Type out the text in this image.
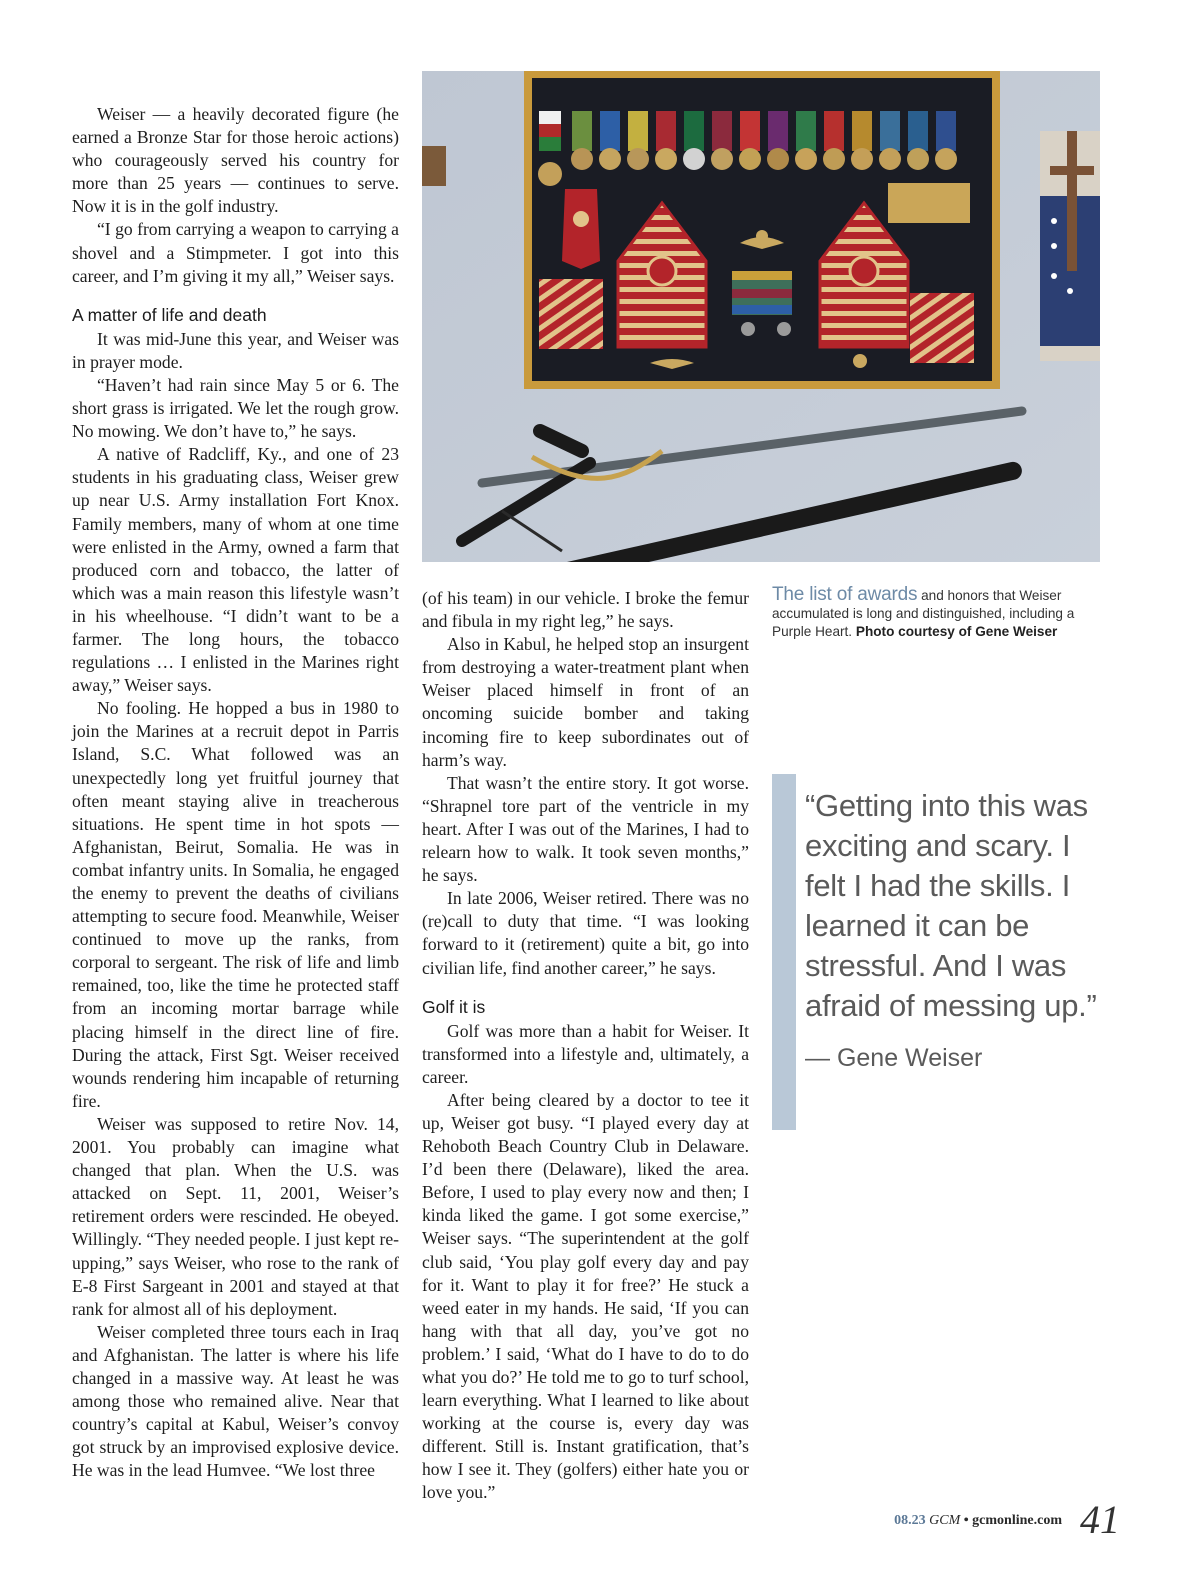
Weiser — a heavily decorated figure (he earned a Bronze Star for those heroic actions) who courageously served his country for more than 25 years — continues to serve. Now it is in the golf industry.

“I go from carrying a weapon to carrying a shovel and a Stimpmeter. I got into this career, and I’m giving it my all,” Weiser says.

A matter of life and death

It was mid-June this year, and Weiser was in prayer mode.

“Haven’t had rain since May 5 or 6. The short grass is irrigated. We let the rough grow. No mowing. We don’t have to,” he says.

A native of Radcliff, Ky., and one of 23 students in his graduating class, Weiser grew up near U.S. Army installation Fort Knox. Family members, many of whom at one time were enlisted in the Army, owned a farm that produced corn and tobacco, the latter of which was a main reason this lifestyle wasn’t in his wheelhouse. “I didn’t want to be a farmer. The long hours, the tobacco regulations … I enlisted in the Marines right away,” Weiser says.

No fooling. He hopped a bus in 1980 to join the Marines at a recruit depot in Parris Island, S.C. What followed was an unexpectedly long yet fruitful journey that often meant staying alive in treacherous situations. He spent time in hot spots — Afghanistan, Beirut, Somalia. He was in combat infantry units. In Somalia, he engaged the enemy to prevent the deaths of civilians attempting to secure food. Meanwhile, Weiser continued to move up the ranks, from corporal to sergeant. The risk of life and limb remained, too, like the time he protected staff from an incoming mortar barrage while placing himself in the direct line of fire. During the attack, First Sgt. Weiser received wounds rendering him incapable of returning fire.

Weiser was supposed to retire Nov. 14, 2001. You probably can imagine what changed that plan. When the U.S. was attacked on Sept. 11, 2001, Weiser’s retirement orders were rescinded. He obeyed. Willingly. “They needed people. I just kept re-upping,” says Weiser, who rose to the rank of E-8 First Sargeant in 2001 and stayed at that rank for almost all of his deployment.

Weiser completed three tours each in Iraq and Afghanistan. The latter is where his life changed in a massive way. At least he was among those who remained alive. Near that country’s capital at Kabul, Weiser’s convoy got struck by an improvised explosive device. He was in the lead Humvee. “We lost three

The list of awards and honors that Weiser accumulated is long and distinguished, including a Purple Heart. Photo courtesy of Gene Weiser

(of his team) in our vehicle. I broke the femur and fibula in my right leg,” he says.

Also in Kabul, he helped stop an insurgent from destroying a water-treatment plant when Weiser placed himself in front of an oncoming suicide bomber and taking incoming fire to keep subordinates out of harm’s way.

That wasn’t the entire story. It got worse. “Shrapnel tore part of the ventricle in my heart. After I was out of the Marines, I had to relearn how to walk. It took seven months,” he says.

In late 2006, Weiser retired. There was no (re)call to duty that time. “I was looking forward to it (retirement) quite a bit, go into civilian life, find another career,” he says.

Golf it is

Golf was more than a habit for Weiser. It transformed into a lifestyle and, ultimately, a career.

After being cleared by a doctor to tee it up, Weiser got busy. “I played every day at Rehoboth Beach Country Club in Delaware. I’d been there (Delaware), liked the area. Before, I used to play every now and then; I kinda liked the game. I got some exercise,” Weiser says. “The superintendent at the golf club said, ‘You play golf every day and pay for it. Want to play it for free?’ He stuck a weed eater in my hands. He said, ‘If you can hang with that all day, you’ve got no problem.’ I said, ‘What do I have to do to do what you do?’ He told me to go to turf school, learn everything. What I learned to like about working at the course is, every day was different. Still is. Instant gratification, that’s how I see it. They (golfers) either hate you or love you.”

“Getting into this was exciting and scary. I felt I had the skills. I learned it can be stressful. And I was afraid of messing up.”
— Gene Weiser
08.23 GCM • gcmonline.com 41
